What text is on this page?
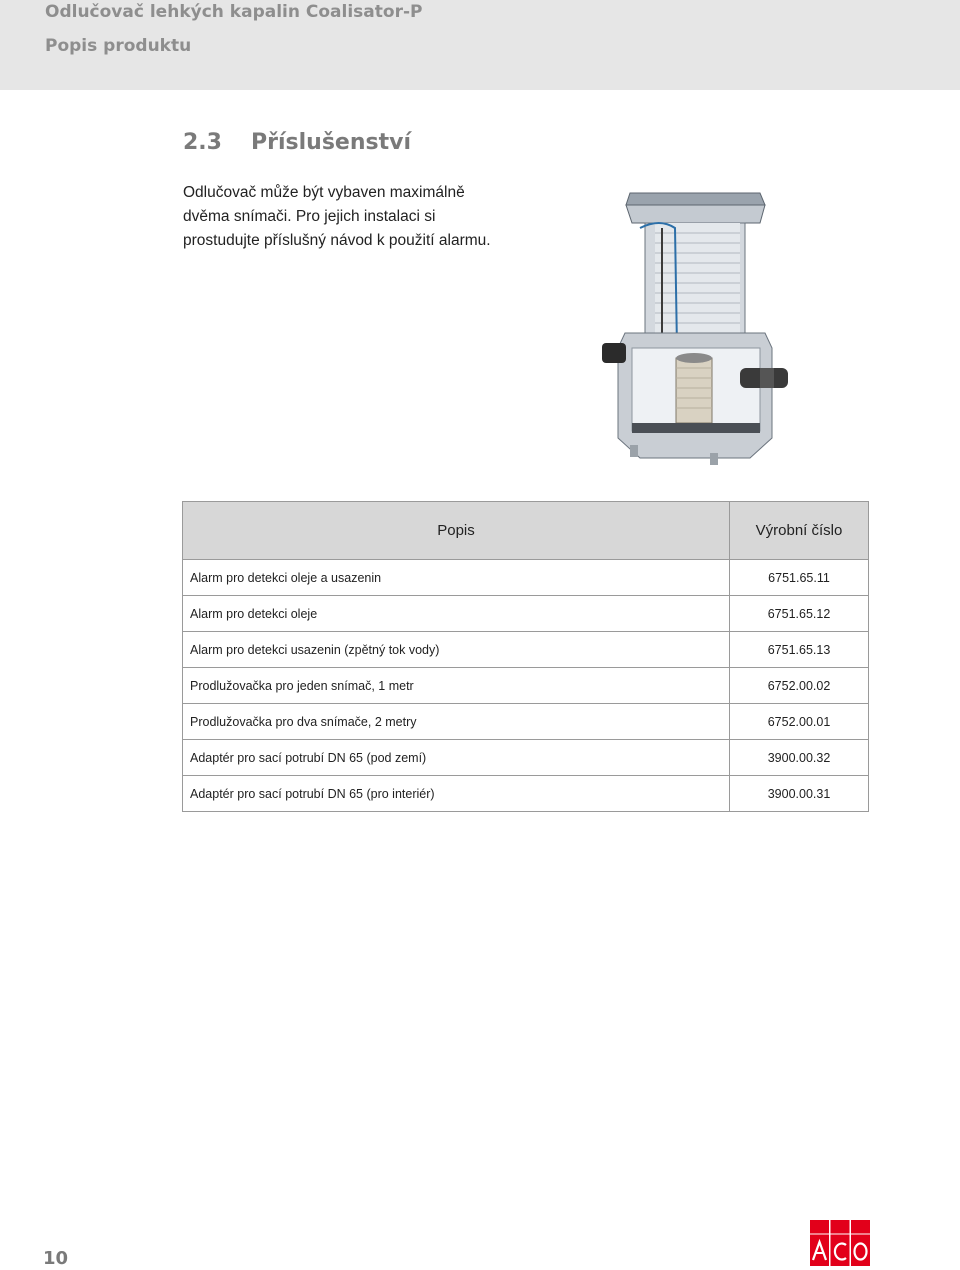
Odlučovač lehkých kapalin Coalisator-P
Popis produktu
2.3 Příslušenství
Odlučovač může být vybaven maximálně
dvěma snímači. Pro jejich instalaci si
prostudujte příslušný návod k použití alarmu.
Popis	Výrobní číslo
Alarm pro detekci oleje a usazenin	6751.65.11
Alarm pro detekci oleje	6751.65.12
Alarm pro detekci usazenin (zpětný tok vody)	6751.65.13
Prodlužovačka pro jeden snímač, 1 metr	6752.00.02
Prodlužovačka pro dva snímače, 2 metry	6752.00.01
Adaptér pro sací potrubí DN 65 (pod zemí)	3900.00.32
Adaptér pro sací potrubí DN 65 (pro interiér)	3900.00.31
10
